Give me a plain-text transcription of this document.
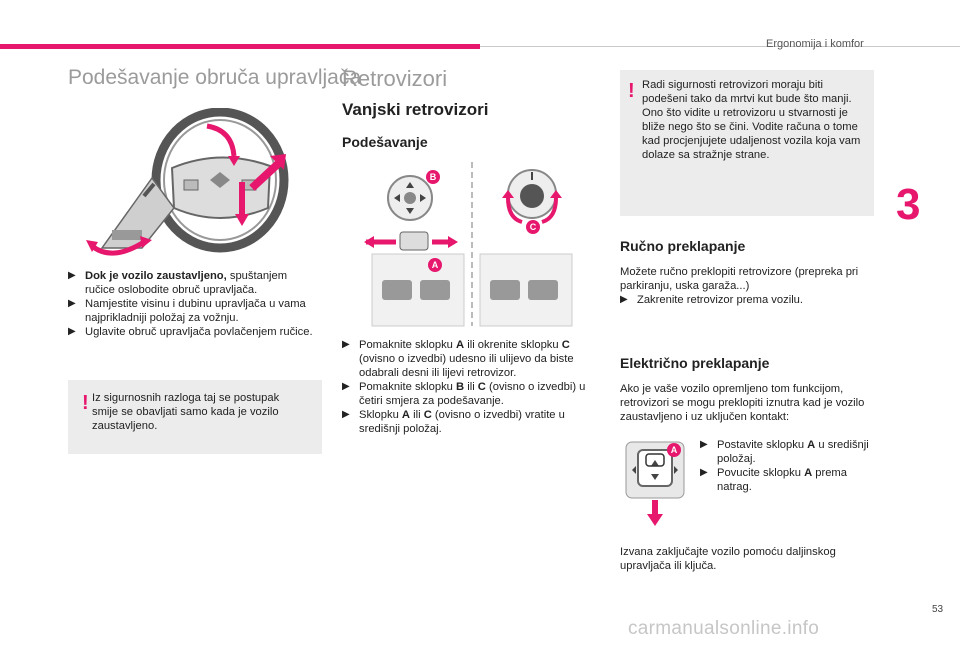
Ergonomija i komfor
3
Podešavanje obruča upravljača
▶ Dok je vozilo zaustavljeno, spuštanjem ručice oslobodite obruč upravljača.
▶ Namjestite visinu i dubinu upravljača u vama najprikladniji položaj za vožnju.
▶ Uglavite obruč upravljača povlačenjem ručice.
! Iz sigurnosnih razloga taj se postupak smije se obavljati samo kada je vozilo zaustavljeno.
Retrovizori
Vanjski retrovizori
Podešavanje
B
C
A
▶ Pomaknite sklopku A ili okrenite sklopku C (ovisno o izvedbi) udesno ili ulijevo da biste odabrali desni ili lijevi retrovizor.
▶ Pomaknite sklopku B ili C (ovisno o izvedbi) u četiri smjera za podešavanje.
▶ Sklopku A ili C (ovisno o izvedbi) vratite u središnji položaj.
! Radi sigurnosti retrovizori moraju biti podešeni tako da mrtvi kut bude što manji. Ono što vidite u retrovizoru u stvarnosti je bliže nego što se čini. Vodite računa o tome kad procjenjujete udaljenost vozila koja vam dolaze sa stražnje strane.
Ručno preklapanje
Možete ručno preklopiti retrovizore (prepreka pri parkiranju, uska garaža...)
▶ Zakrenite retrovizor prema vozilu.
Električno preklapanje
Ako je vaše vozilo opremljeno tom funkcijom, retrovizori se mogu preklopiti iznutra kad je vozilo zaustavljeno i uz uključen kontakt:
A	▶ Postavite sklopku A u središnji položaj.
▶ Povucite sklopku A prema natrag.
Izvana zaključajte vozilo pomoću daljinskog upravljača ili ključa.
53
carmanualsonline.info
